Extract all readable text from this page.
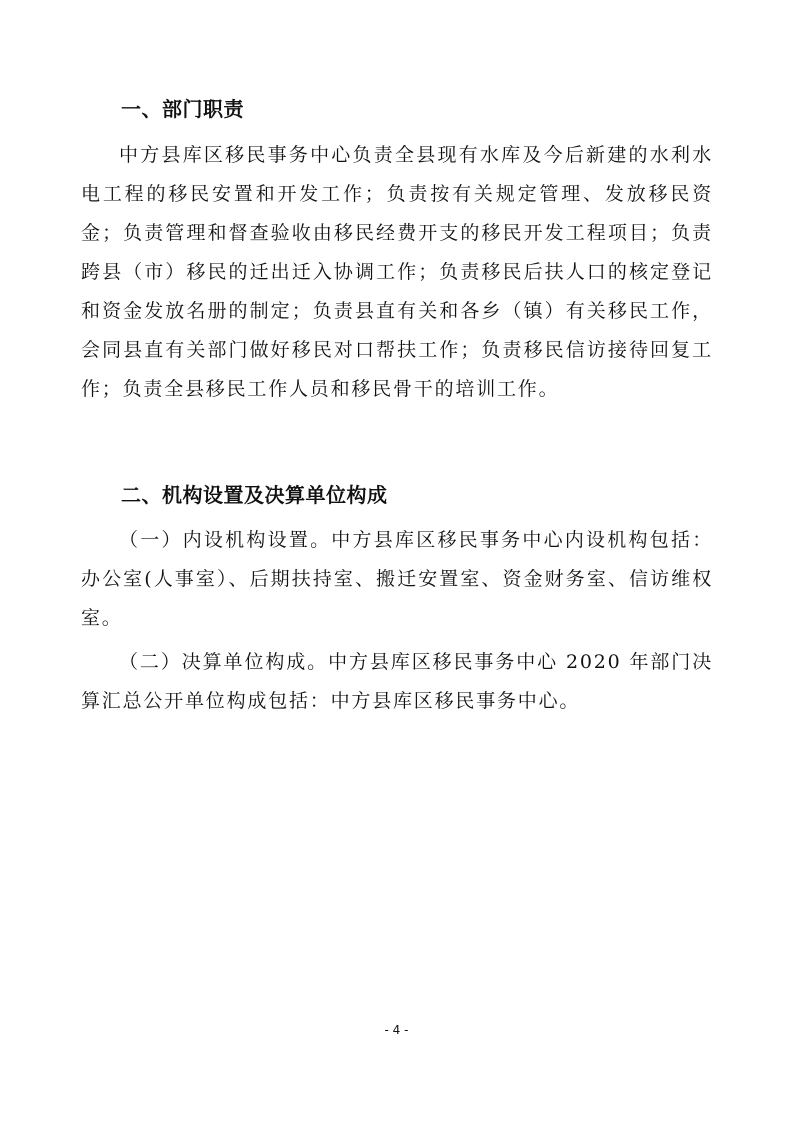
一、部门职责

中方县库区移民事务中心负责全县现有水库及今后新建的水利水电工程的移民安置和开发工作；负责按有关规定管理、发放移民资金；负责管理和督查验收由移民经费开支的移民开发工程项目；负责跨县（市）移民的迁出迁入协调工作；负责移民后扶人口的核定登记和资金发放名册的制定；负责县直有关和各乡（镇）有关移民工作，会同县直有关部门做好移民对口帮扶工作；负责移民信访接待回复工作；负责全县移民工作人员和移民骨干的培训工作。

二、机构设置及决算单位构成

（一）内设机构设置。中方县库区移民事务中心内设机构包括：办公室(人事室）、后期扶持室、搬迁安置室、资金财务室、信访维权室。

（二）决算单位构成。中方县库区移民事务中心 2020 年部门决算汇总公开单位构成包括：中方县库区移民事务中心。

- 4 -
